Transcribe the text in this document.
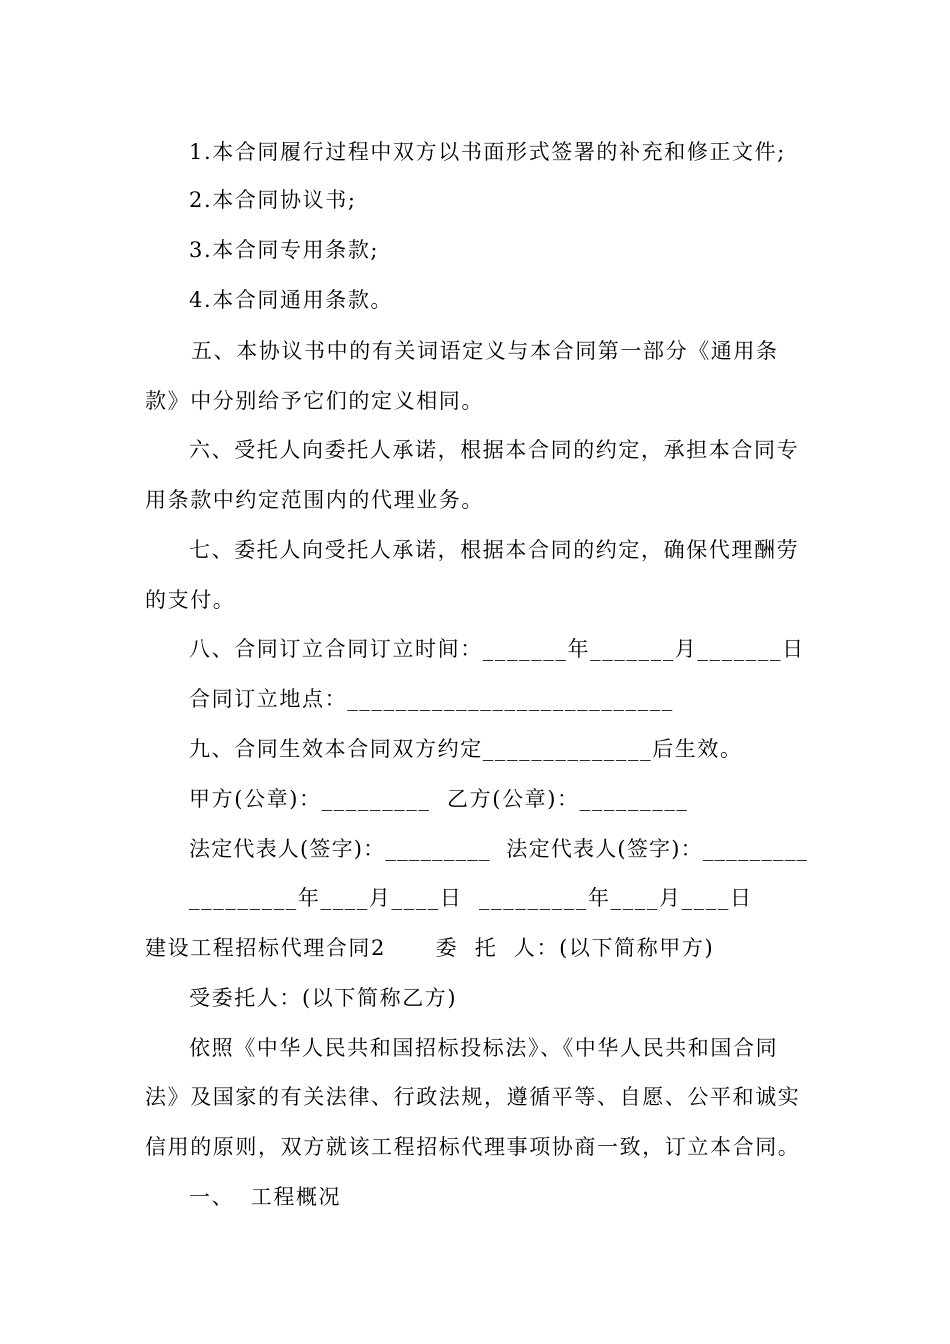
1.本合同履行过程中双方以书面形式签署的补充和修正文件;
2.本合同协议书;
3.本合同专用条款;
4.本合同通用条款。
五、本协议书中的有关词语定义与本合同第一部分《通用条
款》中分别给予它们的定义相同。
六、受托人向委托人承诺，根据本合同的约定，承担本合同专
用条款中约定范围内的代理业务。
七、委托人向受托人承诺，根据本合同的约定，确保代理酬劳
的支付。
八、合同订立合同订立时间：_______年_______月_______日
合同订立地点：___________________________
九、合同生效本合同双方约定______________后生效。
甲方(公章)：_________  乙方(公章)：_________
法定代表人(签字)：_________  法定代表人(签字)：_________
_________年____月____日  _________年____月____日
建设工程招标代理合同2      委  托  人：(以下简称甲方)
受委托人：(以下简称乙方)
依照《中华人民共和国招标投标法》、《中华人民共和国合同
法》及国家的有关法律、行政法规，遵循平等、自愿、公平和诚实
信用的原则，双方就该工程招标代理事项协商一致，订立本合同。
一、  工程概况
